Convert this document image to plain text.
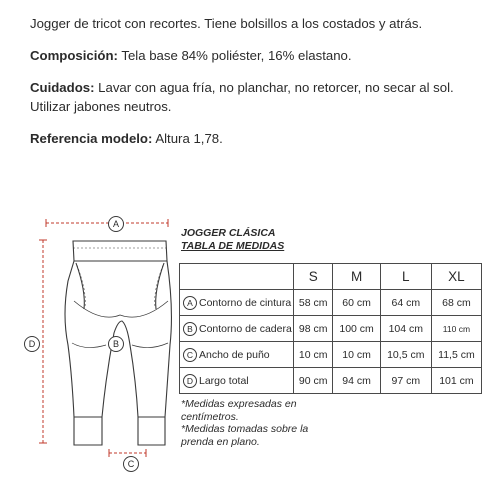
Jogger de tricot con recortes. Tiene bolsillos a los costados y atrás.

Composición: Tela base 84% poliéster, 16% elastano.

Cuidados: Lavar con agua fría, no planchar, no retorcer, no secar al sol. Utilizar jabones neutros.

Referencia modelo: Altura 1,78.

A
B
C
D
JOGGER CLÁSICA
TABLA DE MEDIDAS
	S	M	L	XL
A Contorno de cintura	58 cm	60 cm	64 cm	68 cm
B Contorno de cadera	98 cm	100 cm	104 cm	110 cm
C Ancho de puño	10 cm	10 cm	10,5 cm	11,5 cm
D Largo total	90 cm	94 cm	97 cm	101 cm

*Medidas expresadas en centímetros.

*Medidas tomadas sobre la prenda en plano.
